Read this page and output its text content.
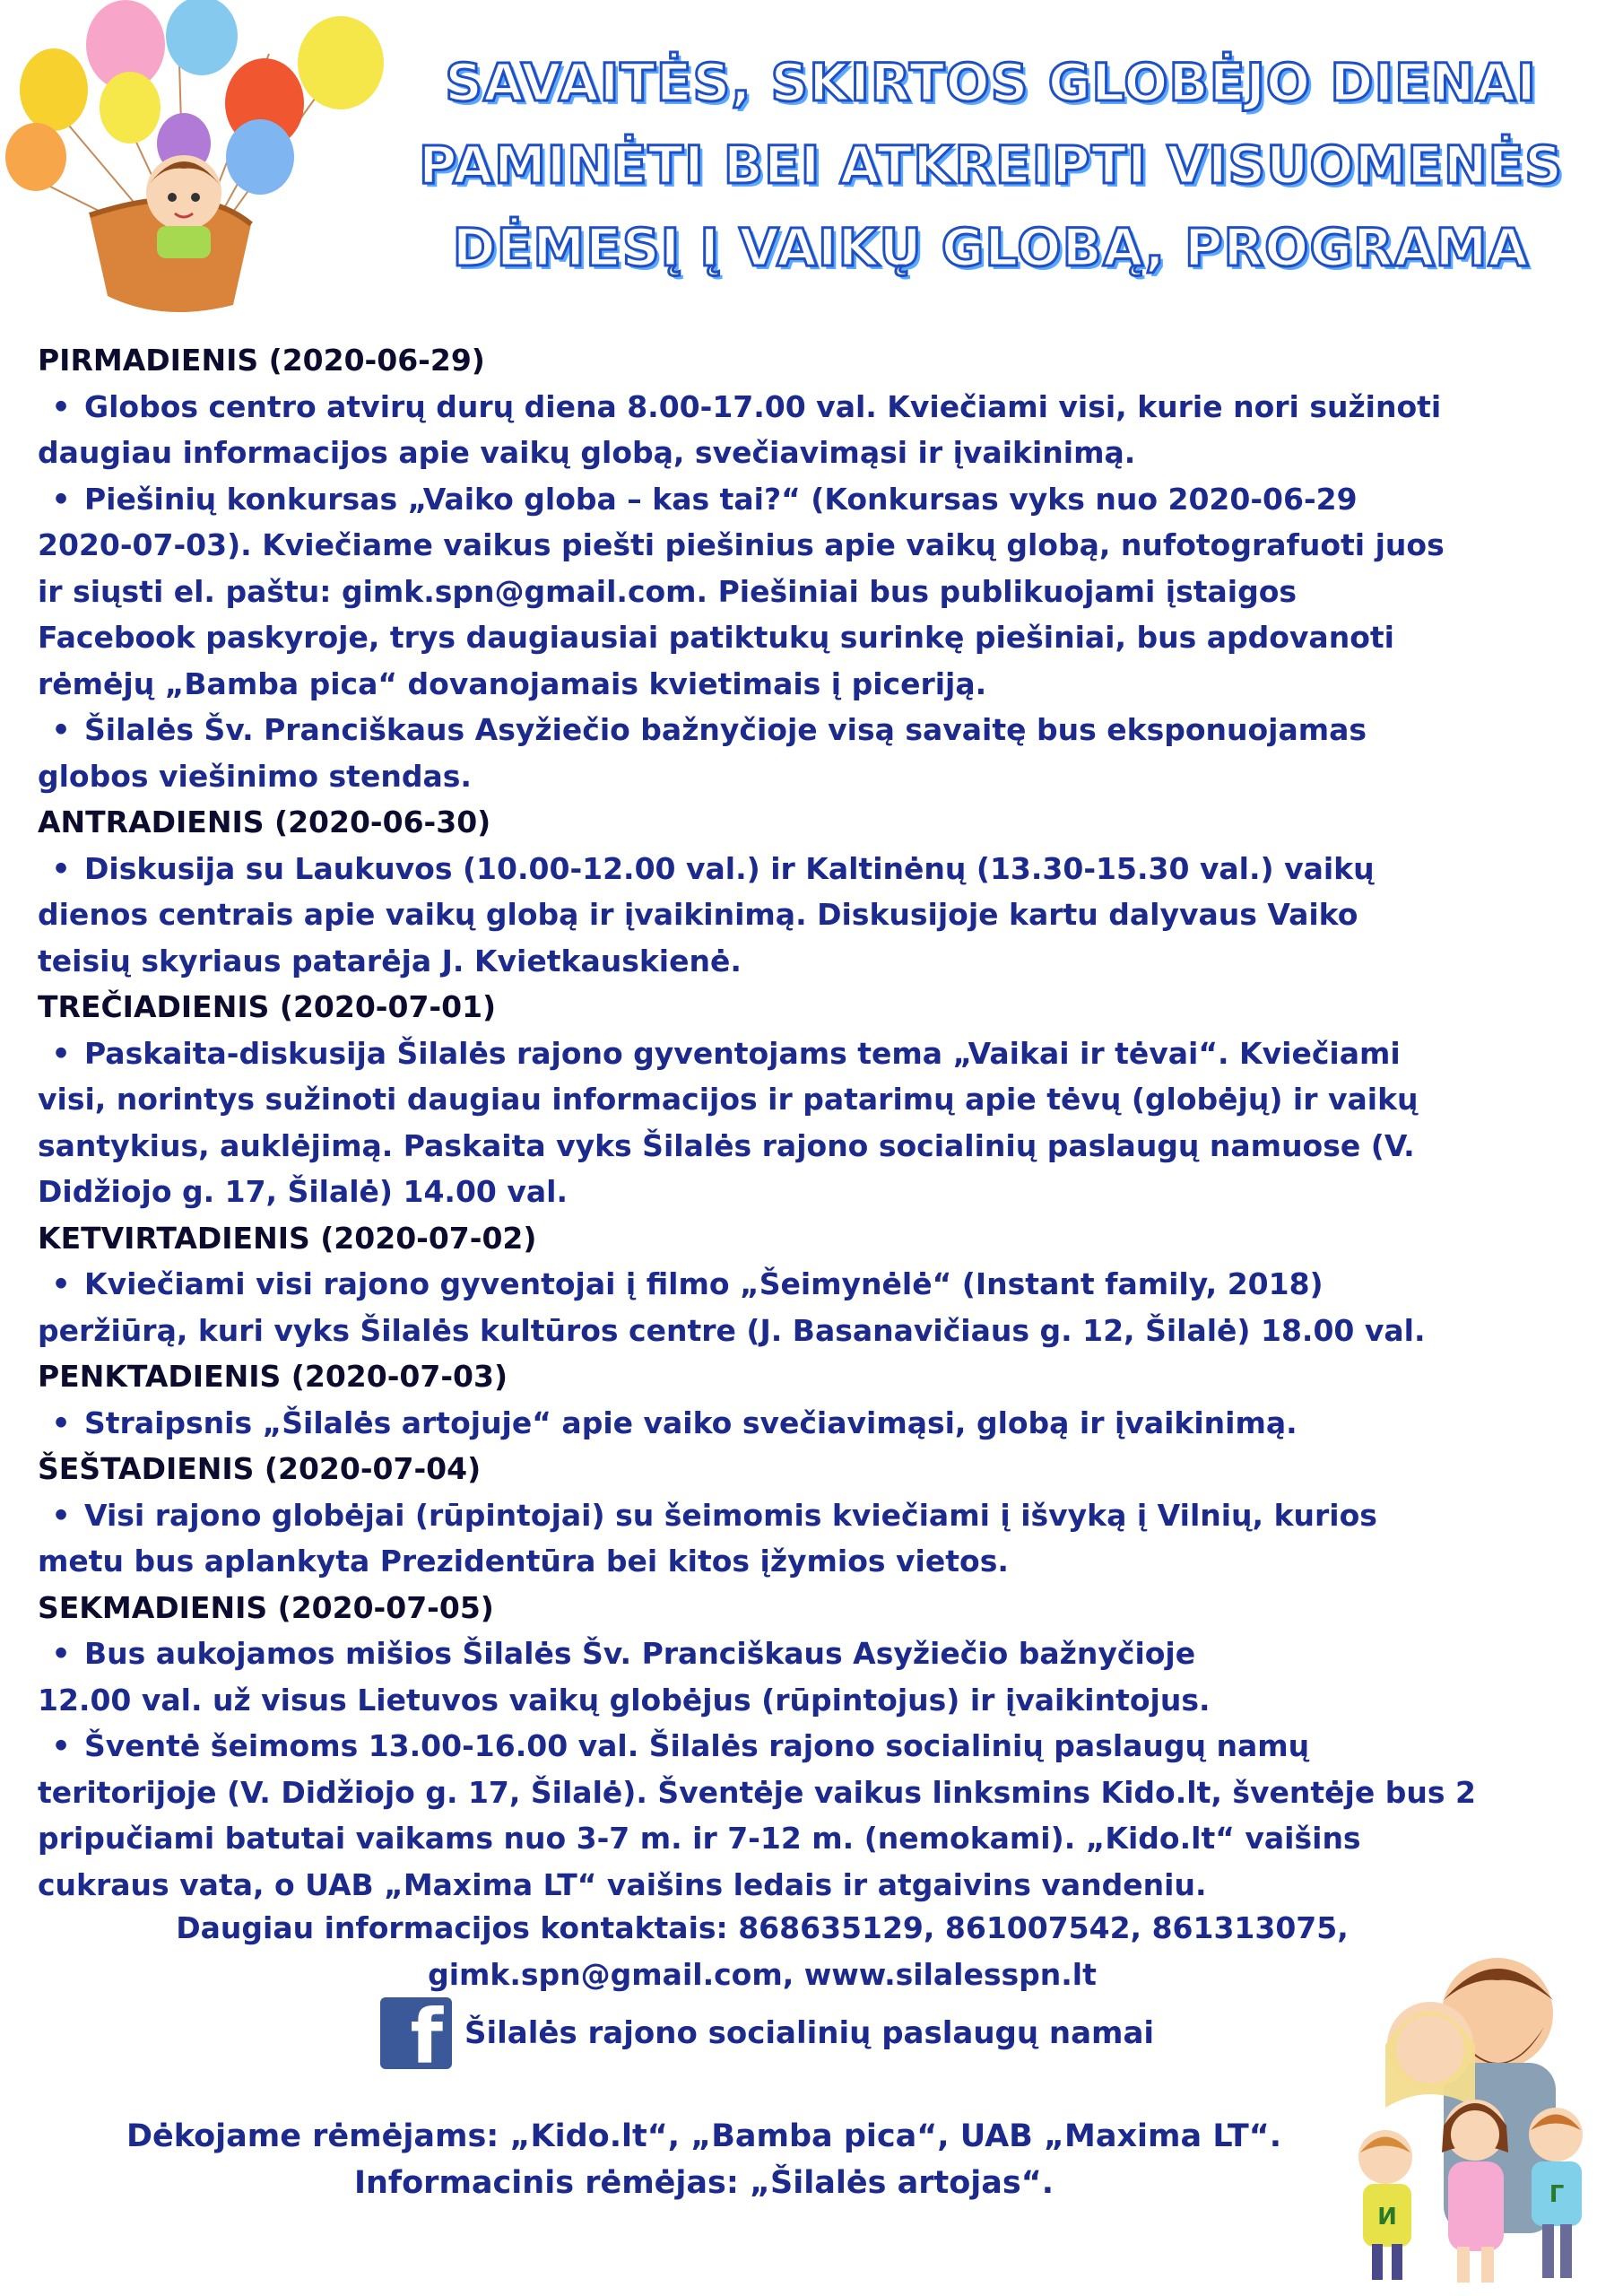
SAVAITĖS, SKIRTOS GLOBĖJO DIENAI
PAMINĖTI BEI ATKREIPTI VISUOMENĖS
DĖMESĮ Į VAIKŲ GLOBĄ, PROGRAMA
PIRMADIENIS (2020-06-29)
• Globos centro atvirų durų diena 8.00-17.00 val. Kviečiami visi, kurie nori sužinoti
daugiau informacijos apie vaikų globą, svečiavimąsi ir įvaikinimą.
• Piešinių konkursas „Vaiko globa – kas tai?“ (Konkursas vyks nuo 2020-06-29
2020-07-03). Kviečiame vaikus piešti piešinius apie vaikų globą, nufotografuoti juos
ir siųsti el. paštu: gimk.spn@gmail.com. Piešiniai bus publikuojami įstaigos
Facebook paskyroje, trys daugiausiai patiktukų surinkę piešiniai, bus apdovanoti
rėmėjų „Bamba pica“ dovanojamais kvietimais į piceriją.
• Šilalės Šv. Pranciškaus Asyžiečio bažnyčioje visą savaitę bus eksponuojamas
globos viešinimo stendas.
ANTRADIENIS (2020-06-30)
• Diskusija su Laukuvos (10.00-12.00 val.) ir Kaltinėnų (13.30-15.30 val.) vaikų
dienos centrais apie vaikų globą ir įvaikinimą. Diskusijoje kartu dalyvaus Vaiko
teisių skyriaus patarėja J. Kvietkauskienė.
TREČIADIENIS (2020-07-01)
• Paskaita-diskusija Šilalės rajono gyventojams tema „Vaikai ir tėvai“. Kviečiami
visi, norintys sužinoti daugiau informacijos ir patarimų apie tėvų (globėjų) ir vaikų
santykius, auklėjimą. Paskaita vyks Šilalės rajono socialinių paslaugų namuose (V.
Didžiojo g. 17, Šilalė) 14.00 val.
KETVIRTADIENIS (2020-07-02)
• Kviečiami visi rajono gyventojai į filmo „Šeimynėlė“ (Instant family, 2018)
peržiūrą, kuri vyks Šilalės kultūros centre (J. Basanavičiaus g. 12, Šilalė) 18.00 val.
PENKTADIENIS (2020-07-03)
• Straipsnis „Šilalės artojuje“ apie vaiko svečiavimąsi, globą ir įvaikinimą.
ŠEŠTADIENIS (2020-07-04)
• Visi rajono globėjai (rūpintojai) su šeimomis kviečiami į išvyką į Vilnių, kurios
metu bus aplankyta Prezidentūra bei kitos įžymios vietos.
SEKMADIENIS (2020-07-05)
• Bus aukojamos mišios Šilalės Šv. Pranciškaus Asyžiečio bažnyčioje
12.00 val. už visus Lietuvos vaikų globėjus (rūpintojus) ir įvaikintojus.
• Šventė šeimoms 13.00-16.00 val. Šilalės rajono socialinių paslaugų namų
teritorijoje (V. Didžiojo g. 17, Šilalė). Šventėje vaikus linksmins Kido.lt, šventėje bus 2
pripučiami batutai vaikams nuo 3-7 m. ir 7-12 m. (nemokami). „Kido.lt“ vaišins
cukraus vata, o UAB „Maxima LT“ vaišins ledais ir atgaivins vandeniu.
Daugiau informacijos kontaktais: 868635129, 861007542, 861313075,
gimk.spn@gmail.com, www.silalesspn.lt
f Šilalės rajono socialinių paslaugų namai
Dėkojame rėmėjams: „Kido.lt“, „Bamba pica“, UAB „Maxima LT“.
Informacinis rėmėjas: „Šilalės artojas“.
И
Г
